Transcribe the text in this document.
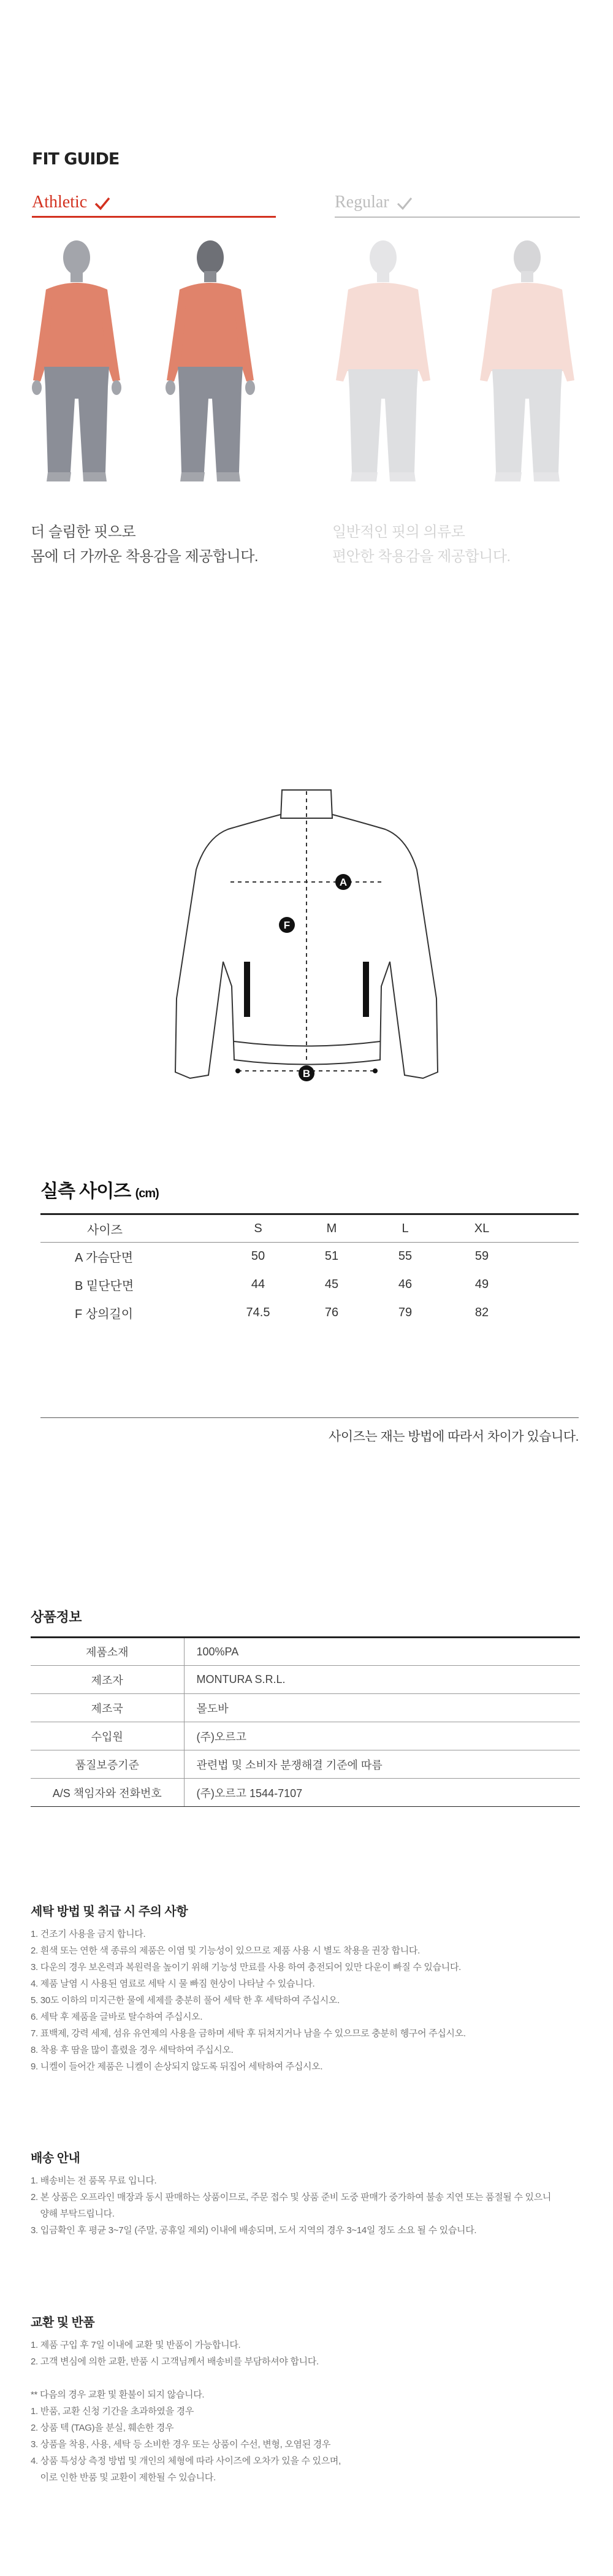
FIT GUIDE
Athletic	Regular
더 슬림한 핏으로
몸에 더 가까운 착용감을 제공합니다.
일반적인 핏의 의류로
편안한 착용감을 제공합니다.
A
F
B
실측 사이즈 (cm)
사이즈	S	M	L	XL	
A 가슴단면	50	51	55	59	
B 밑단단면	44	45	46	49	
F 상의길이	74.5	76	79	82	
사이즈는 재는 방법에 따라서 차이가 있습니다.
상품정보
제품소재	100%PA
제조자	MONTURA S.R.L.
제조국	몰도바
수입원	(주)오르고
품질보증기준	관련법 및 소비자 분쟁해결 기준에 따름
A/S 책임자와 전화번호	(주)오르고 1544-7107
세탁 방법 및 취급 시 주의 사항
1. 건조기 사용을 금지 합니다.
2. 흰색 또는 연한 색 종류의 제품은 이염 및 기능성이 있으므로 제품 사용 시 별도 착용을 권장 합니다.
3. 다운의 경우 보온력과 복원력을 높이기 위해 기능성 만료를 사용 하여 충전되어 있만 다운이 빠질 수 있습니다.
4. 제품 날염 시 사용된 염료로 세탁 시 물 빠짐 현상이 나타날 수 있습니다.
5. 30도 이하의 미지근한 물에 세제를 충분히 풀어 세탁 한 후 세탁하여 주십시오.
6. 세탁 후 제품을 글바로 탈수하여 주십시오.
7. 표백제, 강력 세제, 섬유 유연제의 사용을 금하며 세탁 후 뒤쳐지거나 남을 수 있으므로 충분히 헹구어 주십시오.
8. 착용 후 땀을 많이 흘렸을 경우 세탁하여 주십시오.
9. 니켈이 들어간 제품은 니켈이 손상되지 않도록 뒤집어 세탁하여 주십시오.
배송 안내
1. 배송비는 전 품목 무료 입니다.
2. 본 상품은 오프라인 매장과 동시 판매하는 상품이므로, 주문 접수 및 상품 준비 도중 판매가 중가하여 불송 지연 또는 품절될 수 있으니
양해 부탁드립니다.
3. 입금확인 후 평균 3~7일 (주말, 공휴일 제외) 이내에 배송되며, 도서 지역의 경우 3~14일 정도 소요 될 수 있습니다.
교환 및 반품
1. 제품 구입 후 7일 이내에 교환 및 반품이 가능합니다.
2. 고객 변심에 의한 교환, 반품 시 고객님께서 배송비를 부담하셔야 합니다.
** 다음의 경우 교환 및 환불이 되지 않습니다.
1. 반품, 교환 신청 기간을 초과하였을 경우
2. 상품 텍 (TAG)을 분실, 훼손한 경우
3. 상품을 착용, 사용, 세탁 등 소비한 경우 또는 상품이 수선, 변형, 오염된 경우
4. 상품 특성상 측정 방법 및 개인의 체형에 따라 사이즈에 오차가 있을 수 있으며,
이로 인한 반품 및 교환이 제한될 수 있습니다.
